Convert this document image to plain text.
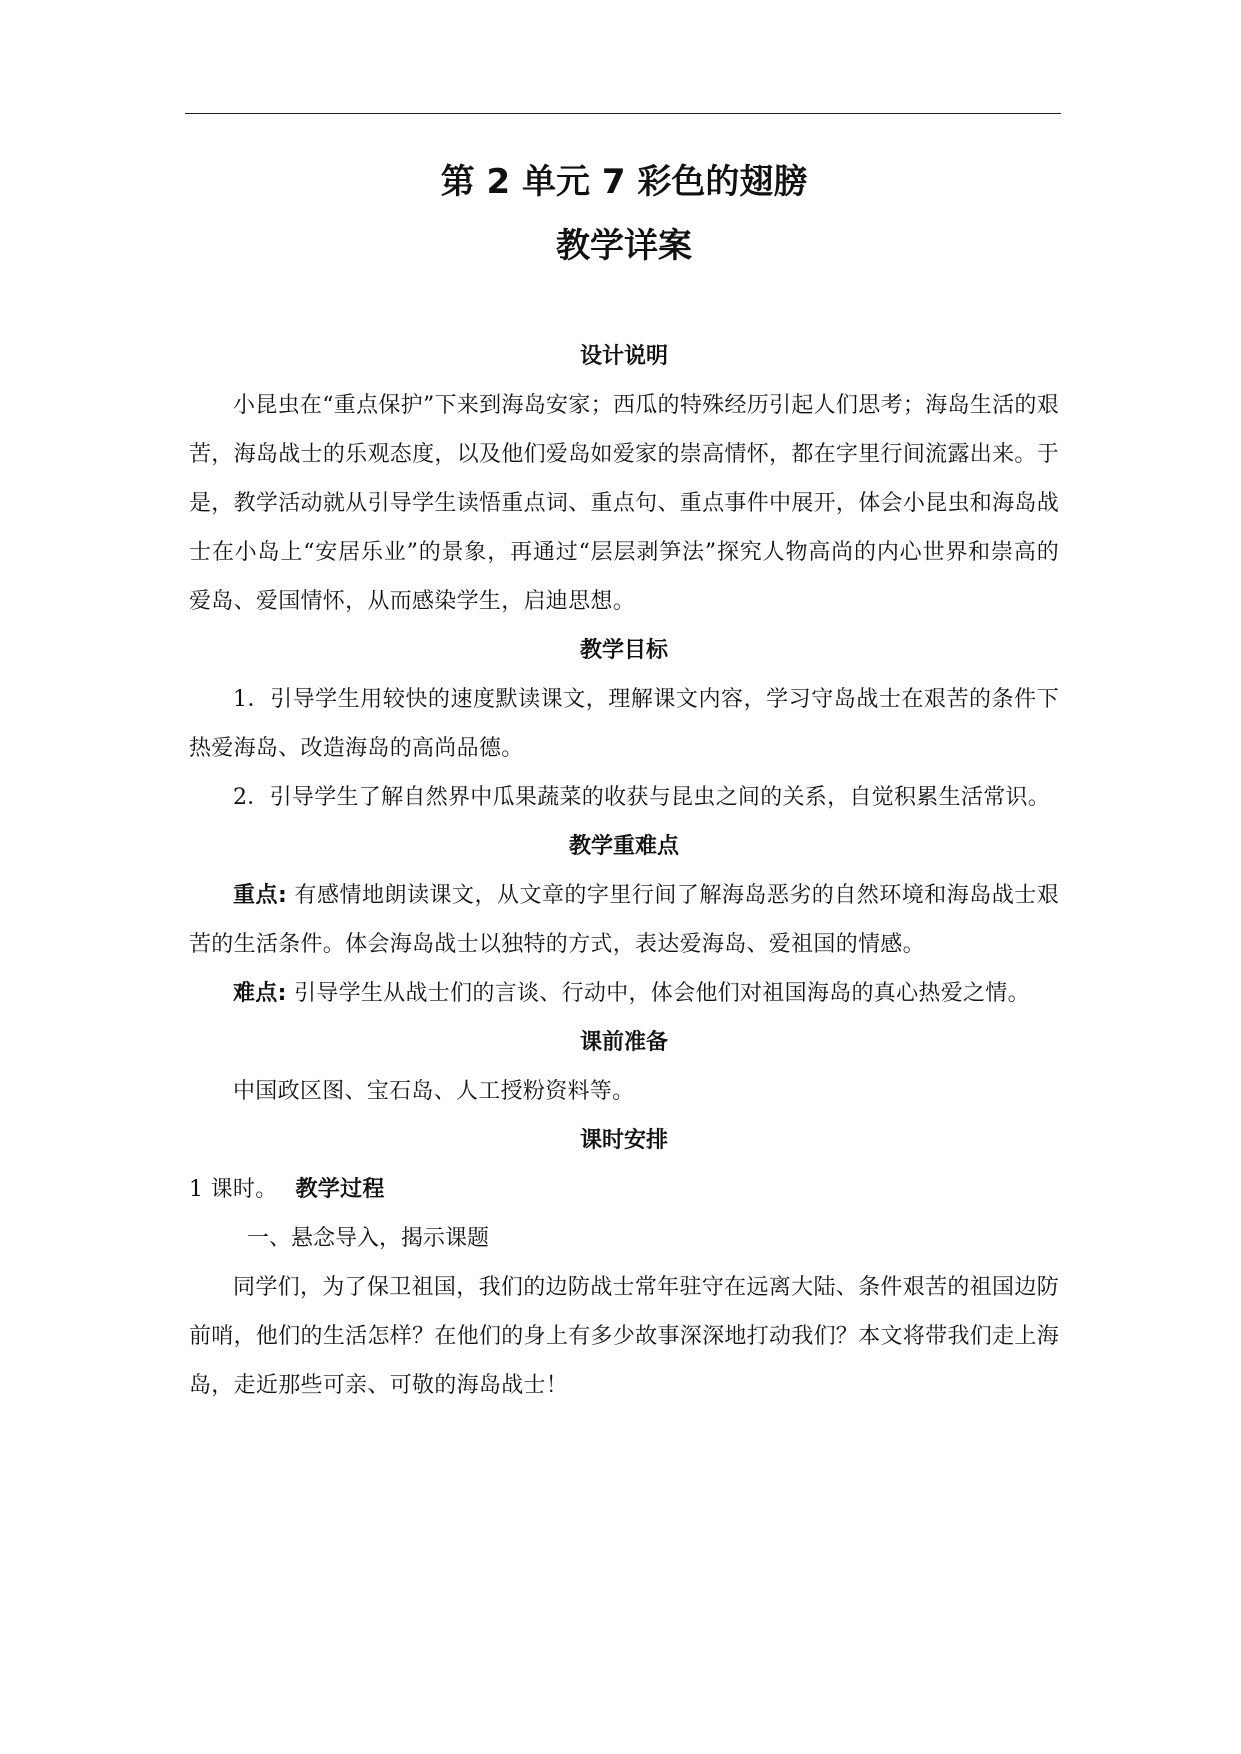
第 2 单元 7 彩色的翅膀
教学详案
设计说明

小昆虫在“重点保护”下来到海岛安家；西瓜的特殊经历引起人们思考；海岛生活的艰苦，海岛战士的乐观态度，以及他们爱岛如爱家的崇高情怀，都在字里行间流露出来。于是，教学活动就从引导学生读悟重点词、重点句、重点事件中展开，体会小昆虫和海岛战士在小岛上“安居乐业”的景象，再通过“层层剥笋法”探究人物高尚的内心世界和崇高的爱岛、爱国情怀，从而感染学生，启迪思想。

教学目标

1．引导学生用较快的速度默读课文，理解课文内容，学习守岛战士在艰苦的条件下热爱海岛、改造海岛的高尚品德。

2．引导学生了解自然界中瓜果蔬菜的收获与昆虫之间的关系，自觉积累生活常识。

教学重难点

重点: 有感情地朗读课文，从文章的字里行间了解海岛恶劣的自然环境和海岛战士艰苦的生活条件。体会海岛战士以独特的方式，表达爱海岛、爱祖国的情感。

难点: 引导学生从战士们的言谈、行动中，体会他们对祖国海岛的真心热爱之情。

课前准备

中国政区图、宝石岛、人工授粉资料等。

课时安排

1 课时。 教学过程

一、悬念导入，揭示课题

同学们，为了保卫祖国，我们的边防战士常年驻守在远离大陆、条件艰苦的祖国边防前哨，他们的生活怎样？在他们的身上有多少故事深深地打动我们？本文将带我们走上海岛，走近那些可亲、可敬的海岛战士！
